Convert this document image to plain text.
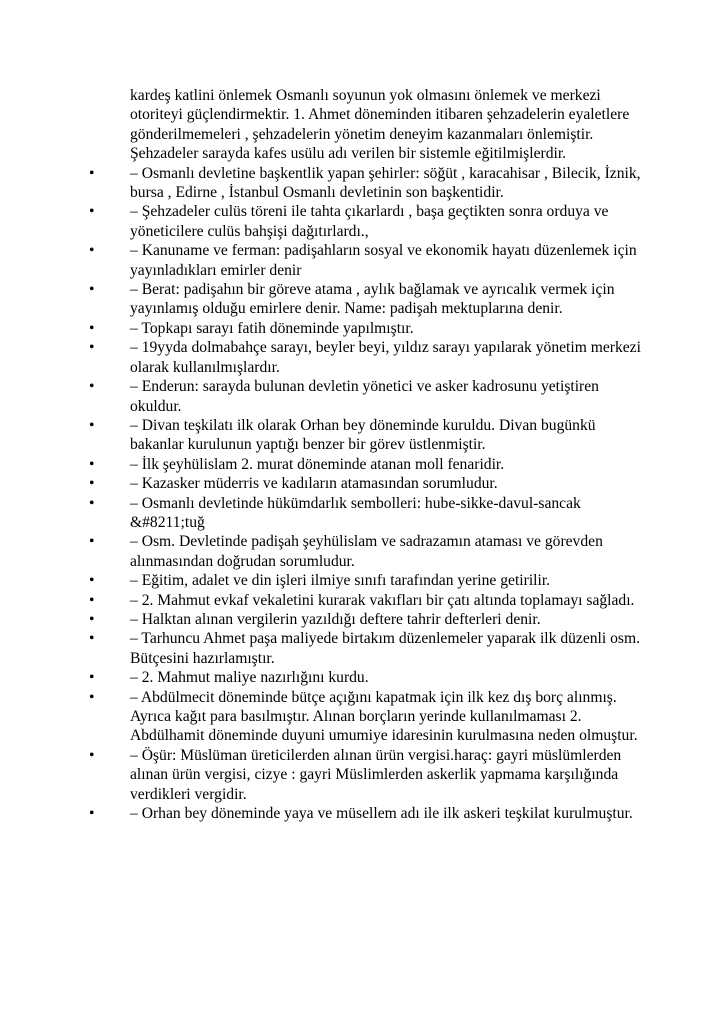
kardeş katlini önlemek Osmanlı soyunun yok olmasını önlemek ve merkezi otoriteyi güçlendirmektir. 1. Ahmet döneminden itibaren şehzadelerin eyaletlere gönderilmemeleri , şehzadelerin yönetim deneyim kazanmaları önlemiştir. Şehzadeler sarayda kafes usülu adı verilen bir sistemle eğitilmişlerdir.

• – Osmanlı devletine başkentlik yapan şehirler: söğüt , karacahisar , Bilecik, İznik, bursa , Edirne , İstanbul Osmanlı devletinin son başkentidir.

• – Şehzadeler culüs töreni ile tahta çıkarlardı , başa geçtikten sonra orduya ve yöneticilere culüs bahşişi dağıtırlardı.,

• – Kanuname ve ferman: padişahların sosyal ve ekonomik hayatı düzenlemek için yayınladıkları emirler denir

• – Berat: padişahın bir göreve atama , aylık bağlamak ve ayrıcalık vermek için yayınlamış olduğu emirlere denir. Name: padişah mektuplarına denir.

• – Topkapı sarayı fatih döneminde yapılmıştır.

• – 19yyda dolmabahçe sarayı, beyler beyi, yıldız sarayı yapılarak yönetim merkezi olarak kullanılmışlardır.

• – Enderun: sarayda bulunan devletin yönetici ve asker kadrosunu yetiştiren okuldur.

• – Divan teşkilatı ilk olarak Orhan bey döneminde kuruldu. Divan bugünkü bakanlar kurulunun yaptığı benzer bir görev üstlenmiştir.

• – İlk şeyhülislam 2. murat döneminde atanan moll fenaridir.

• – Kazasker müderris ve kadıların atamasından sorumludur.

• – Osmanlı devletinde hükümdarlık sembolleri: hube-sikke-davul-sancak &#8211;tuğ

• – Osm. Devletinde padişah şeyhülislam ve sadrazamın ataması ve görevden alınmasından doğrudan sorumludur.

• – Eğitim, adalet ve din işleri ilmiye sınıfı tarafından yerine getirilir.

• – 2. Mahmut evkaf vekaletini kurarak vakıfları bir çatı altında toplamayı sağladı.

• – Halktan alınan vergilerin yazıldığı deftere tahrir defterleri denir.

• – Tarhuncu Ahmet paşa maliyede birtakım düzenlemeler yaparak ilk düzenli osm. Bütçesini hazırlamıştır.

• – 2. Mahmut maliye nazırlığını kurdu.

• – Abdülmecit döneminde bütçe açığını kapatmak için ilk kez dış borç alınmış. Ayrıca kağıt para basılmıştır. Alınan borçların yerinde kullanılmaması 2. Abdülhamit döneminde duyuni umumiye idaresinin kurulmasına neden olmuştur.

• – Öşür: Müslüman üreticilerden alınan ürün vergisi.haraç: gayri müslümlerden alınan ürün vergisi, cizye : gayri Müslimlerden askerlik yapmama karşılığında verdikleri vergidir.

• – Orhan bey döneminde yaya ve müsellem adı ile ilk askeri teşkilat kurulmuştur.
